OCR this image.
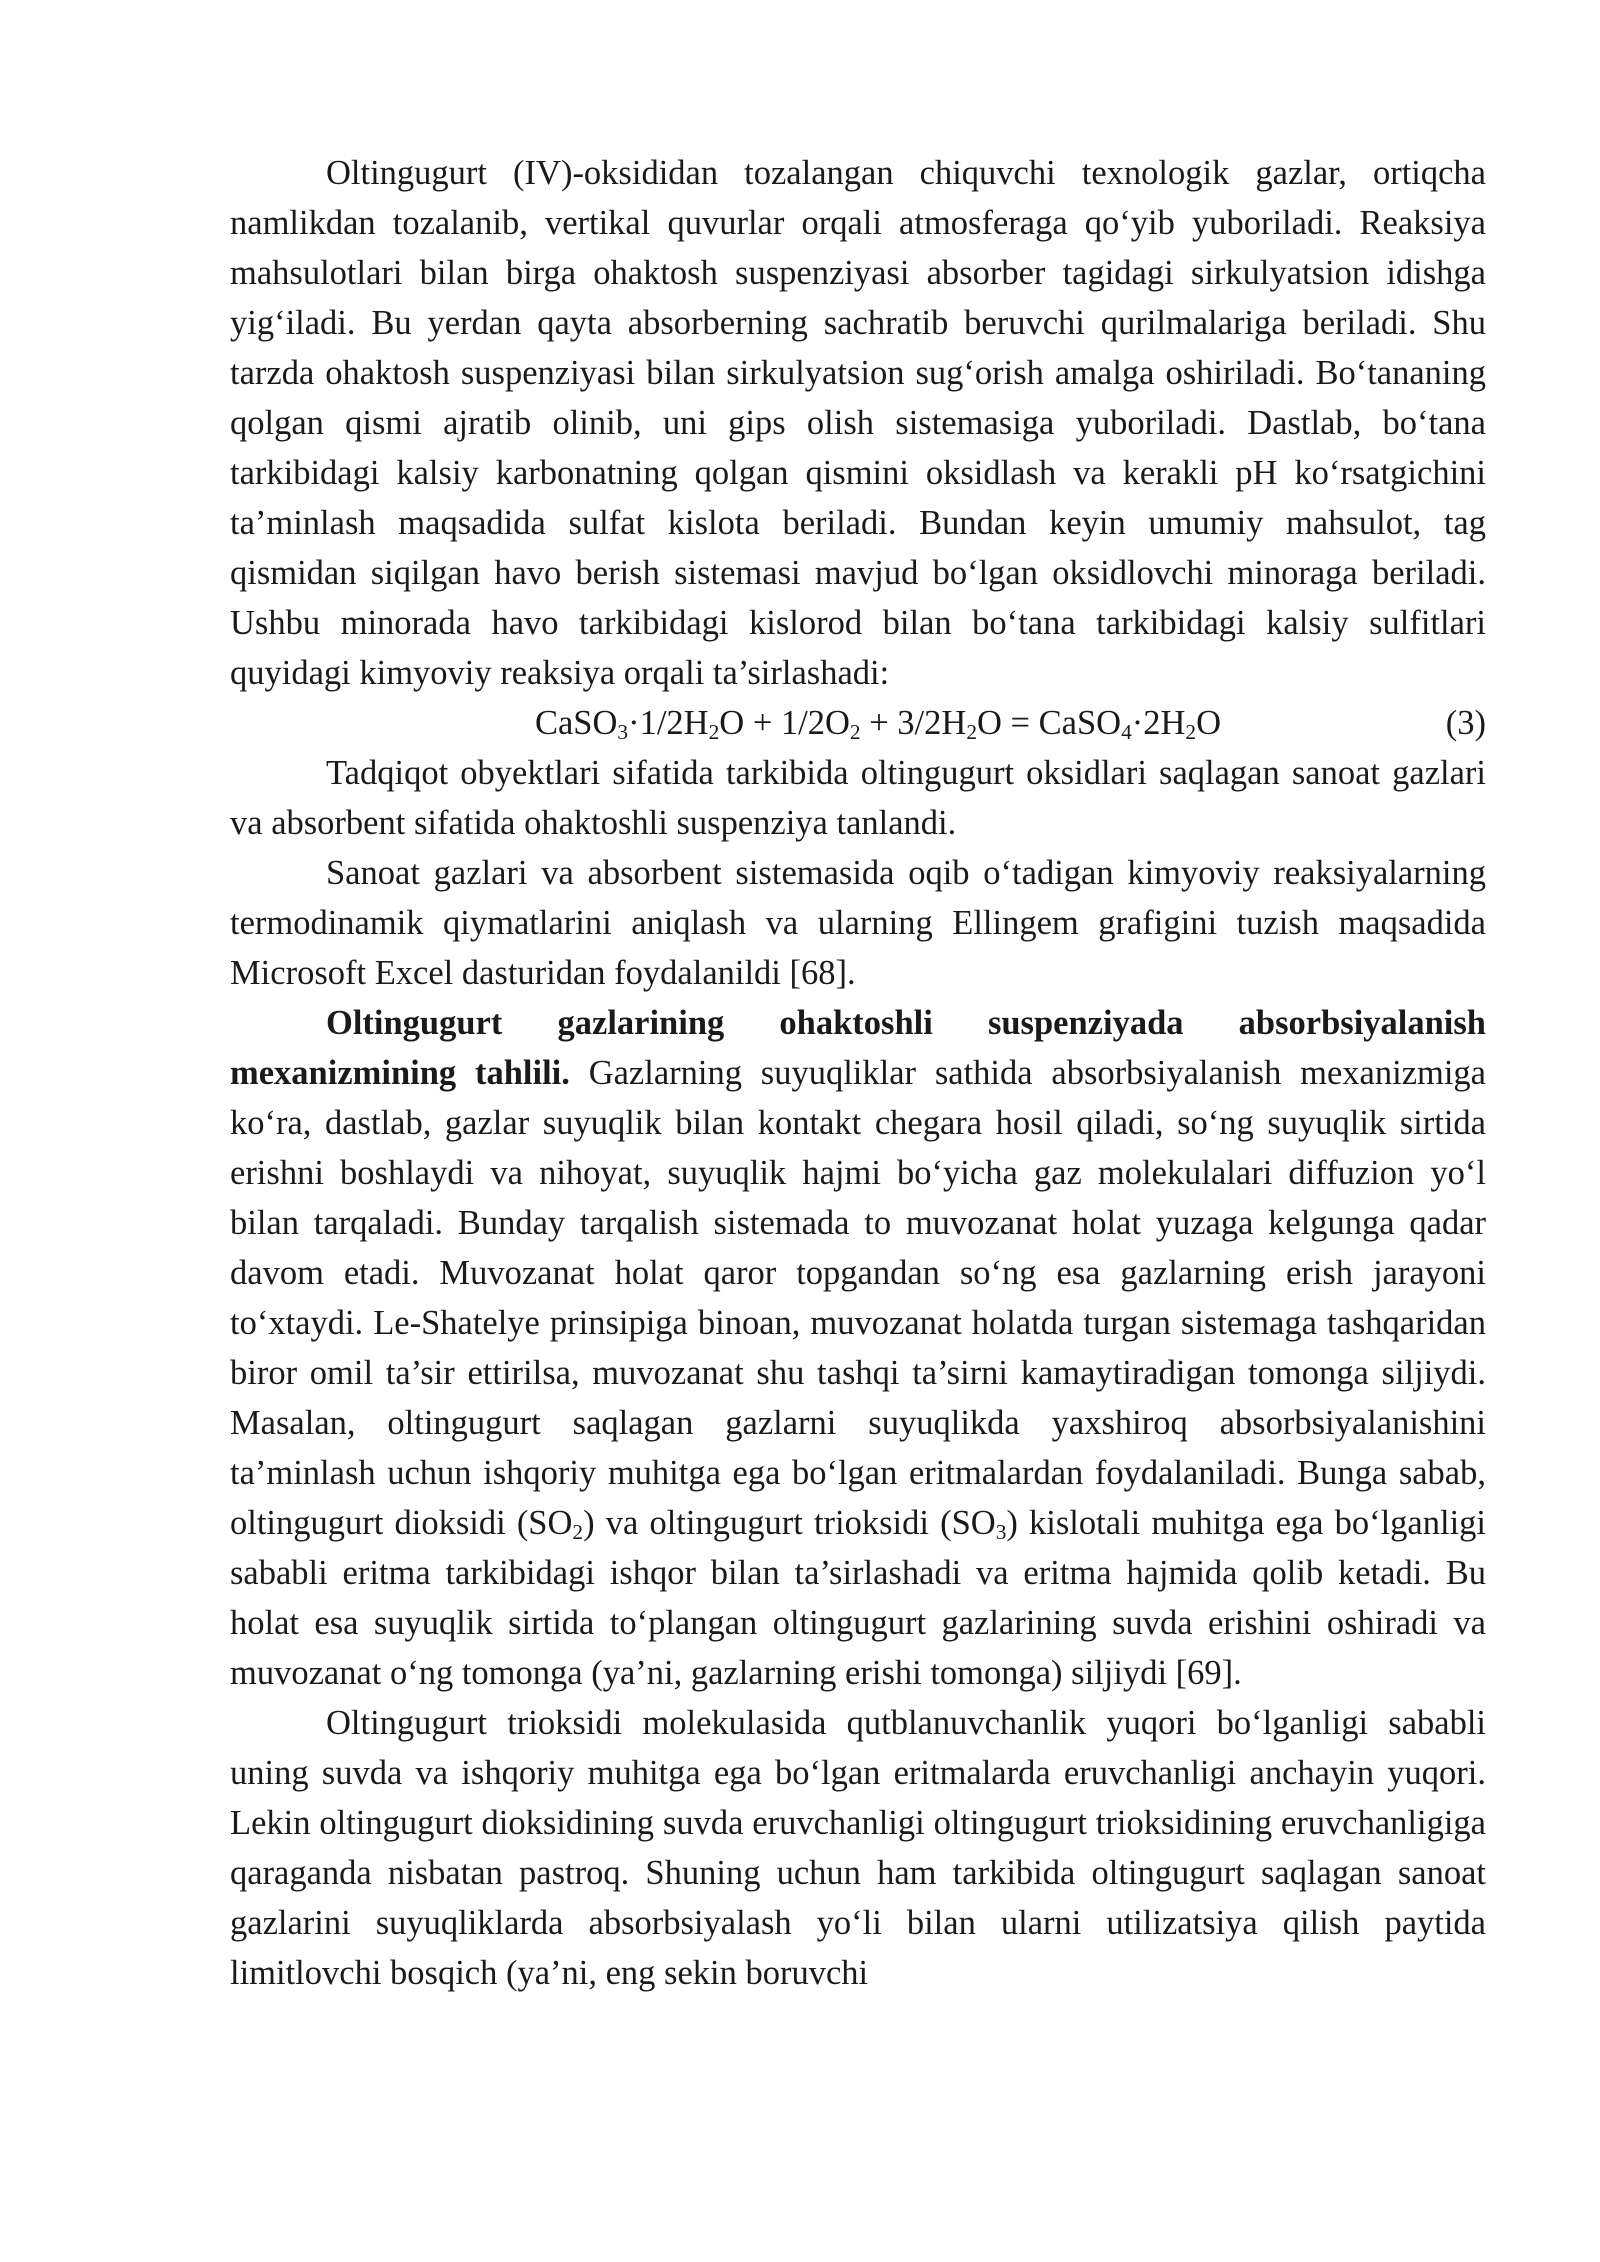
Oltingugurt (IV)-oksididan tozalangan chiquvchi texnologik gazlar, ortiqcha namlikdan tozalanib, vertikal quvurlar orqali atmosferaga qo‘yib yuboriladi. Reaksiya mahsulotlari bilan birga ohaktosh suspenziyasi absorber tagidagi sirkulyatsion idishga yig‘iladi. Bu yerdan qayta absorberning sachratib beruvchi qurilmalariga beriladi. Shu tarzda ohaktosh suspenziyasi bilan sirkulyatsion sug‘orish amalga oshiriladi. Bo‘tananing qolgan qismi ajratib olinib, uni gips olish sistemasiga yuboriladi. Dastlab, bo‘tana tarkibidagi kalsiy karbonatning qolgan qismini oksidlash va kerakli pH ko‘rsatgichini ta’minlash maqsadida sulfat kislota beriladi. Bundan keyin umumiy mahsulot, tag qismidan siqilgan havo berish sistemasi mavjud bo‘lgan oksidlovchi minoraga beriladi. Ushbu minorada havo tarkibidagi kislorod bilan bo‘tana tarkibidagi kalsiy sulfitlari quyidagi kimyoviy reaksiya orqali ta’sirlashadi:

$CaSO_3\cdot 1/2H_2O + 1/2O_2 + 3/2H_2O$ = $CaSO_4\cdot 2H_2O$	(3)

Tadqiqot obyektlari sifatida tarkibida oltingugurt oksidlari saqlagan sanoat gazlari va absorbent sifatida ohaktoshli suspenziya tanlandi.

Sanoat gazlari va absorbent sistemasida oqib o‘tadigan kimyoviy reaksiyalarning termodinamik qiymatlarini aniqlash va ularning Ellingem grafigini tuzish maqsadida Microsoft Excel dasturidan foydalanildi [68].

Oltingugurt gazlarining ohaktoshli suspenziyada absorbsiyalanish mexanizmining tahlili. Gazlarning suyuqliklar sathida absorbsiyalanish mexanizmiga ko‘ra, dastlab, gazlar suyuqlik bilan kontakt chegara hosil qiladi, so‘ng suyuqlik sirtida erishni boshlaydi va nihoyat, suyuqlik hajmi bo‘yicha gaz molekulalari diffuzion yo‘l bilan tarqaladi. Bunday tarqalish sistemada to muvozanat holat yuzaga kelgunga qadar davom etadi. Muvozanat holat qaror topgandan so‘ng esa gazlarning erish jarayoni to‘xtaydi. Le-Shatelye prinsipiga binoan, muvozanat holatda turgan sistemaga tashqaridan biror omil ta’sir ettirilsa, muvozanat shu tashqi ta’sirni kamaytiradigan tomonga siljiydi. Masalan, oltingugurt saqlagan gazlarni suyuqlikda yaxshiroq absorbsiyalanishini ta’minlash uchun ishqoriy muhitga ega bo‘lgan eritmalardan foydalaniladi. Bunga sabab, oltingugurt dioksidi $(SO_2)$ va oltingugurt trioksidi $(SO_3)$ kislotali muhitga ega bo‘lganligi sababli eritma tarkibidagi ishqor bilan ta’sirlashadi va eritma hajmida qolib ketadi. Bu holat esa suyuqlik sirtida to‘plangan oltingugurt gazlarining suvda erishini oshiradi va muvozanat o‘ng tomonga (ya’ni, gazlarning erishi tomonga) siljiydi [69].

Oltingugurt trioksidi molekulasida qutblanuvchanlik yuqori bo‘lganligi sababli uning suvda va ishqoriy muhitga ega bo‘lgan eritmalarda eruvchanligi anchayin yuqori. Lekin oltingugurt dioksidining suvda eruvchanligi oltingugurt trioksidining eruvchanligiga qaraganda nisbatan pastroq. Shuning uchun ham tarkibida oltingugurt saqlagan sanoat gazlarini suyuqliklarda absorbsiyalash yo‘li bilan ularni utilizatsiya qilish paytida limitlovchi bosqich (ya’ni, eng sekin boruvchi
